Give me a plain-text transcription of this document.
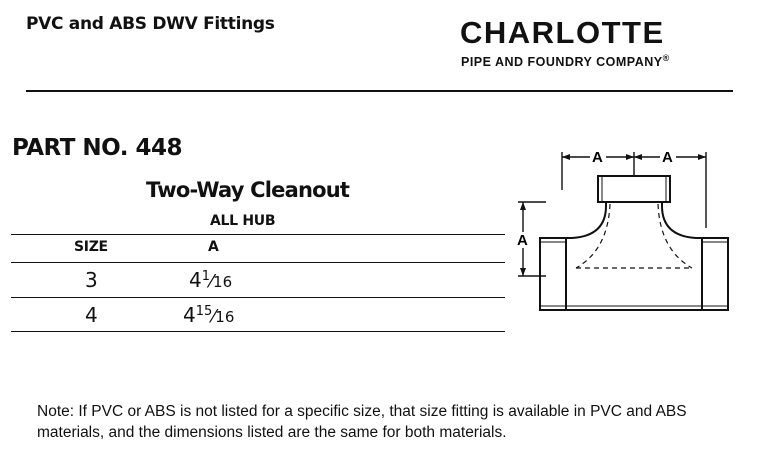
PVC and ABS DWV Fittings	CHARLOTTE
PIPE AND FOUNDRY COMPANY®
PART NO. 448
Two-Way Cleanout
ALL HUB
SIZE	A
3	$4^1⁄16$
4	$4^{15}⁄16$
A	A
A
Note: If PVC or ABS is not listed for a specific size, that size fitting is available in PVC and ABS materials, and the dimensions listed are the same for both materials.
